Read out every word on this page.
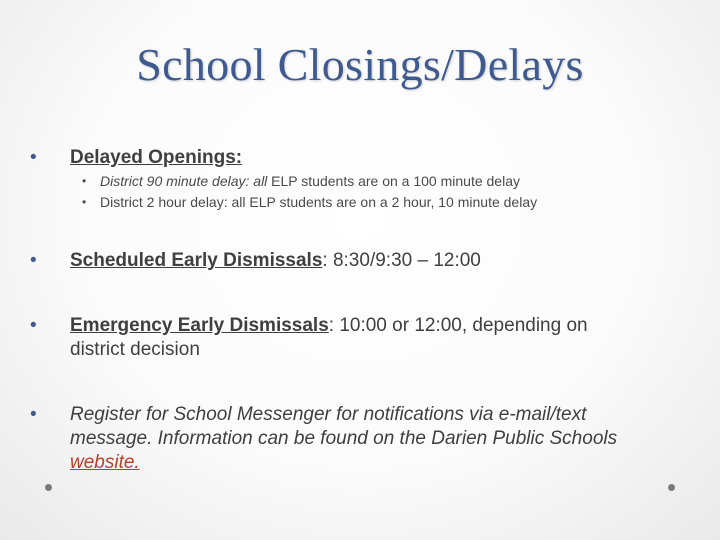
School Closings/Delays
• Delayed Openings:
• District 90 minute delay: all ELP students are on a 100 minute delay
• District 2 hour delay: all ELP students are on a 2 hour, 10 minute delay
• Scheduled Early Dismissals: 8:30/9:30 – 12:00
• Emergency Early Dismissals: 10:00 or 12:00, depending on district decision
• Register for School Messenger for notifications via e-mail/text message. Information can be found on the Darien Public Schools website.
